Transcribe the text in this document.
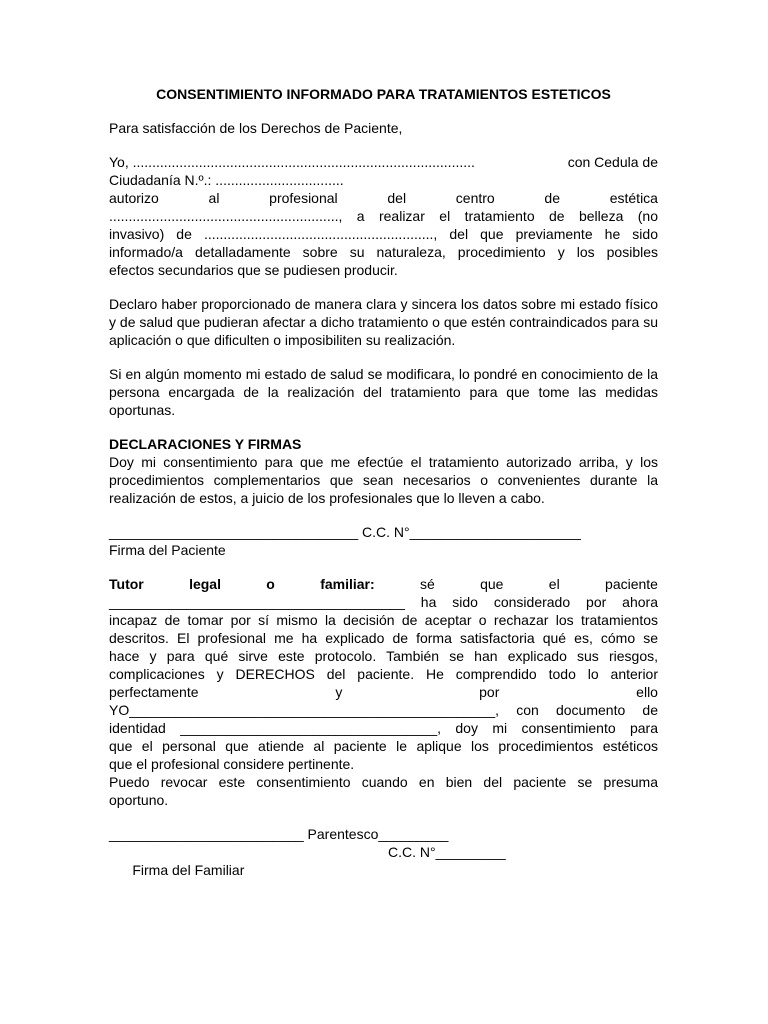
CONSENTIMIENTO INFORMADO PARA TRATAMIENTOS ESTETICOS

Para satisfacción de los Derechos de Paciente,

Yo, ........................................................................................	con Cedula de

Ciudadanía N.º.: .................................

autorizo	al	profesional	del	centro	de	estética

..........................................................., a realizar el tratamiento de belleza (no

invasivo) de ..........................................................., del que previamente he sido

informado/a detalladamente sobre su naturaleza, procedimiento y los posibles

efectos secundarios que se pudiesen producir.

Declaro haber proporcionado de manera clara y sincera los datos sobre mi estado físico y de salud que pudieran afectar a dicho tratamiento o que estén contraindicados para su aplicación o que dificulten o imposibiliten su realización.

Si en algún momento mi estado de salud se modificara, lo pondré en conocimiento de la persona encargada de la realización del tratamiento para que tome las medidas oportunas.

DECLARACIONES Y FIRMAS

Doy mi consentimiento para que me efectúe el tratamiento autorizado arriba, y los procedimientos complementarios que sean necesarios o convenientes durante la realización de estos, a juicio de los profesionales que lo lleven a cabo.

________________________________ C.C. N°______________________

Firma del Paciente

Tutor	legal	o	familiar:	sé	que	el	paciente

______________________________________ ha sido considerado por ahora

incapaz de tomar por sí mismo la decisión de aceptar o rechazar los tratamientos

descritos. El profesional me ha explicado de forma satisfactoria qué es, cómo se

hace y para qué sirve este protocolo. También se han explicado sus riesgos,

complicaciones y DERECHOS del paciente. He comprendido todo lo anterior

perfectamente	y	por	ello

YO_______________________________________________, con documento de

identidad _________________________________, doy mi consentimiento para

que el personal que atiende al paciente le aplique los procedimientos estéticos

que el profesional considere pertinente.

Puedo revocar este consentimiento cuando en bien del paciente se presuma

oportuno.

_________________________ Parentesco_________

Firma del Familiar

C.C. N°_________
